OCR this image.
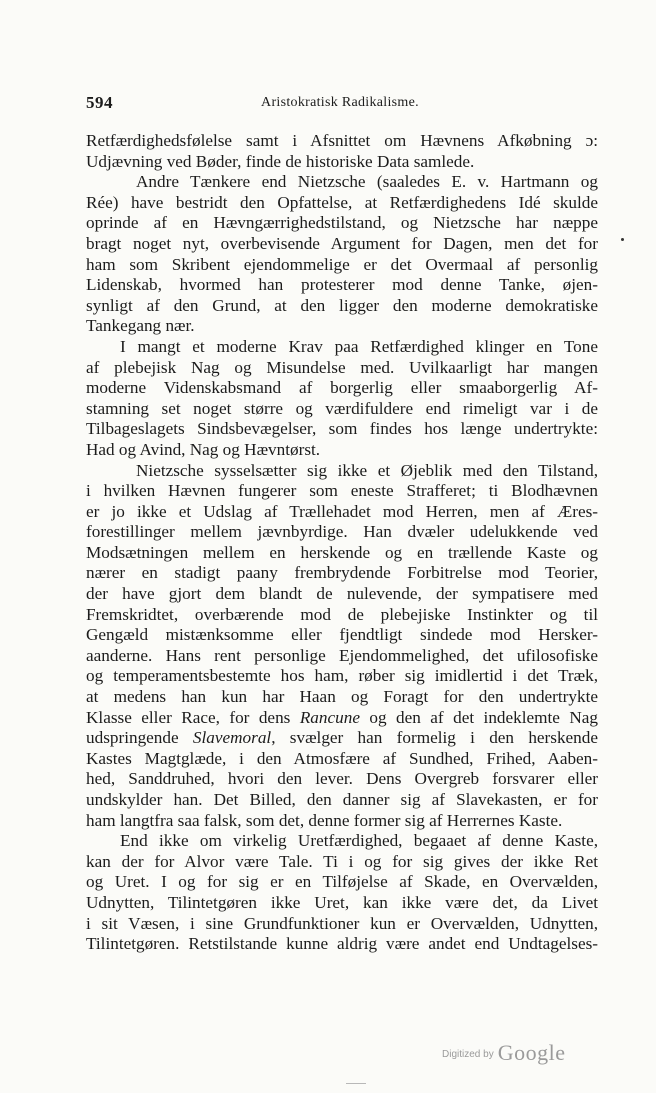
594	Aristokratisk Radikalisme.
Retfærdighedsfølelse samt i Afsnittet om Hævnens Afkøbning ɔ:
Udjævning ved Bøder, finde de historiske Data samlede.
Andre Tænkere end Nietzsche (saaledes E. v. Hartmann og
Rée) have bestridt den Opfattelse, at Retfærdighedens Idé skulde
oprinde af en Hævngærrighedstilstand, og Nietzsche har næppe
bragt noget nyt, overbevisende Argument for Dagen, men det for
ham som Skribent ejendommelige er det Overmaal af personlig
Lidenskab, hvormed han protesterer mod denne Tanke, øjen-
synligt af den Grund, at den ligger den moderne demokratiske
Tankegang nær.
I mangt et moderne Krav paa Retfærdighed klinger en Tone
af plebejisk Nag og Misundelse med. Uvilkaarligt har mangen
moderne Videnskabsmand af borgerlig eller smaaborgerlig Af-
stamning set noget større og værdifuldere end rimeligt var i de
Tilbageslagets Sindsbevægelser, som findes hos længe undertrykte:
Had og Avind, Nag og Hævntørst.
Nietzsche sysselsætter sig ikke et Øjeblik med den Tilstand,
i hvilken Hævnen fungerer som eneste Strafferet; ti Blodhævnen
er jo ikke et Udslag af Trællehadet mod Herren, men af Æres-
forestillinger mellem jævnbyrdige. Han dvæler udelukkende ved
Modsætningen mellem en herskende og en trællende Kaste og
nærer en stadigt paany frembrydende Forbitrelse mod Teorier,
der have gjort dem blandt de nulevende, der sympatisere med
Fremskridtet, overbærende mod de plebejiske Instinkter og til
Gengæld mistænksomme eller fjendtligt sindede mod Hersker-
aanderne. Hans rent personlige Ejendommelighed, det ufilosofiske
og temperamentsbestemte hos ham, røber sig imidlertid i det Træk,
at medens han kun har Haan og Foragt for den undertrykte
Klasse eller Race, for dens Rancune og den af det indeklemte Nag
udspringende Slavemoral, svælger han formelig i den herskende
Kastes Magtglæde, i den Atmosfære af Sundhed, Frihed, Aaben-
hed, Sanddruhed, hvori den lever. Dens Overgreb forsvarer eller
undskylder han. Det Billed, den danner sig af Slavekasten, er for
ham langtfra saa falsk, som det, denne former sig af Herrernes Kaste.
End ikke om virkelig Uretfærdighed, begaaet af denne Kaste,
kan der for Alvor være Tale. Ti i og for sig gives der ikke Ret
og Uret. I og for sig er en Tilføjelse af Skade, en Overvælden,
Udnytten, Tilintetgøren ikke Uret, kan ikke være det, da Livet
i sit Væsen, i sine Grundfunktioner kun er Overvælden, Udnytten,
Tilintetgøren. Retstilstande kunne aldrig være andet end Undtagelses-
Digitized by Google
